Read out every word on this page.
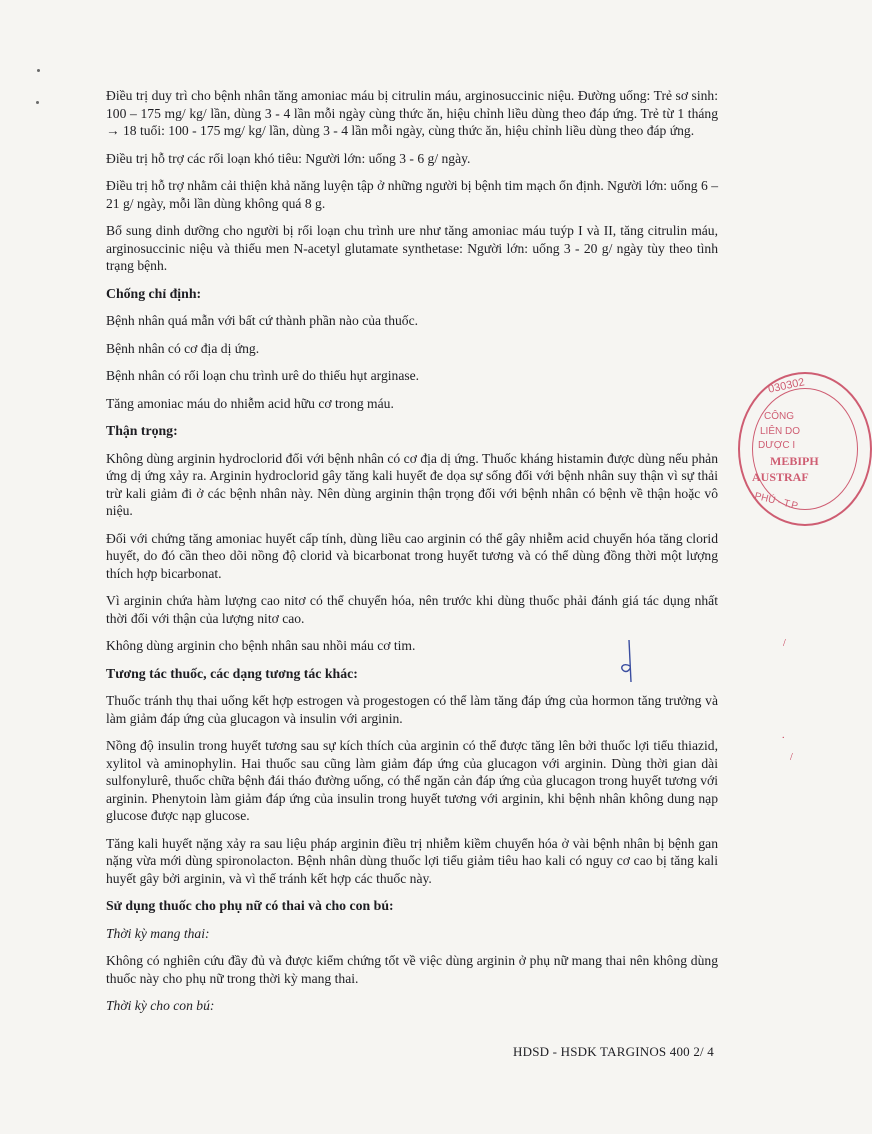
Điều trị duy trì cho bệnh nhân tăng amoniac máu bị citrulin máu, arginosuccinic niệu. Đường uống: Trẻ sơ sinh: 100 – 175 mg/ kg/ lần, dùng 3 - 4 lần mỗi ngày cùng thức ăn, hiệu chỉnh liều dùng theo đáp ứng. Trẻ từ 1 tháng → 18 tuổi: 100 - 175 mg/ kg/ lần, dùng 3 - 4 lần mỗi ngày, cùng thức ăn, hiệu chỉnh liều dùng theo đáp ứng.

Điều trị hỗ trợ các rối loạn khó tiêu: Người lớn: uống 3 - 6 g/ ngày.

Điều trị hỗ trợ nhằm cải thiện khả năng luyện tập ở những người bị bệnh tim mạch ổn định. Người lớn: uống 6 – 21 g/ ngày, mỗi lần dùng không quá 8 g.

Bổ sung dinh dưỡng cho người bị rối loạn chu trình ure như tăng amoniac máu tuýp I và II, tăng citrulin máu, arginosuccinic niệu và thiếu men N-acetyl glutamate synthetase: Người lớn: uống 3 - 20 g/ ngày tùy theo tình trạng bệnh.

Chống chỉ định:

Bệnh nhân quá mẫn với bất cứ thành phần nào của thuốc.

Bệnh nhân có cơ địa dị ứng.

Bệnh nhân có rối loạn chu trình urê do thiếu hụt arginase.

Tăng amoniac máu do nhiễm acid hữu cơ trong máu.

Thận trọng:

Không dùng arginin hydroclorid đối với bệnh nhân có cơ địa dị ứng. Thuốc kháng histamin được dùng nếu phản ứng dị ứng xảy ra. Arginin hydroclorid gây tăng kali huyết đe dọa sự sống đối với bệnh nhân suy thận vì sự thải trừ kali giảm đi ở các bệnh nhân này. Nên dùng arginin thận trọng đối với bệnh nhân có bệnh về thận hoặc vô niệu.

Đối với chứng tăng amoniac huyết cấp tính, dùng liều cao arginin có thể gây nhiễm acid chuyển hóa tăng clorid huyết, do đó cần theo dõi nồng độ clorid và bicarbonat trong huyết tương và có thể dùng đồng thời một lượng thích hợp bicarbonat.

Vì arginin chứa hàm lượng cao nitơ có thể chuyển hóa, nên trước khi dùng thuốc phải đánh giá tác dụng nhất thời đối với thận của lượng nitơ cao.

Không dùng arginin cho bệnh nhân sau nhồi máu cơ tim.

Tương tác thuốc, các dạng tương tác khác:

Thuốc tránh thụ thai uống kết hợp estrogen và progestogen có thể làm tăng đáp ứng của hormon tăng trưởng và làm giảm đáp ứng của glucagon và insulin với arginin.

Nồng độ insulin trong huyết tương sau sự kích thích của arginin có thể được tăng lên bởi thuốc lợi tiểu thiazid, xylitol và aminophylin. Hai thuốc sau cũng làm giảm đáp ứng của glucagon với arginin. Dùng thời gian dài sulfonylurê, thuốc chữa bệnh đái tháo đường uống, có thể ngăn cản đáp ứng của glucagon trong huyết tương với arginin. Phenytoin làm giảm đáp ứng của insulin trong huyết tương với arginin, khi bệnh nhân không dung nạp glucose được nạp glucose.

Tăng kali huyết nặng xảy ra sau liệu pháp arginin điều trị nhiễm kiềm chuyển hóa ở vài bệnh nhân bị bệnh gan nặng vừa mới dùng spironolacton. Bệnh nhân dùng thuốc lợi tiểu giảm tiêu hao kali có nguy cơ cao bị tăng kali huyết gây bởi arginin, và vì thế tránh kết hợp các thuốc này.

Sử dụng thuốc cho phụ nữ có thai và cho con bú:
Thời kỳ mang thai:

Không có nghiên cứu đầy đủ và được kiểm chứng tốt về việc dùng arginin ở phụ nữ mang thai nên không dùng thuốc này cho phụ nữ trong thời kỳ mang thai.

Thời kỳ cho con bú:
030302
CÔNG
LIÊN DO
DƯỢC I
MEBIPH
AUSTRAF
PHÚ - T.P
/
.
/
HDSD - HSDK TARGINOS 400 2/ 4
